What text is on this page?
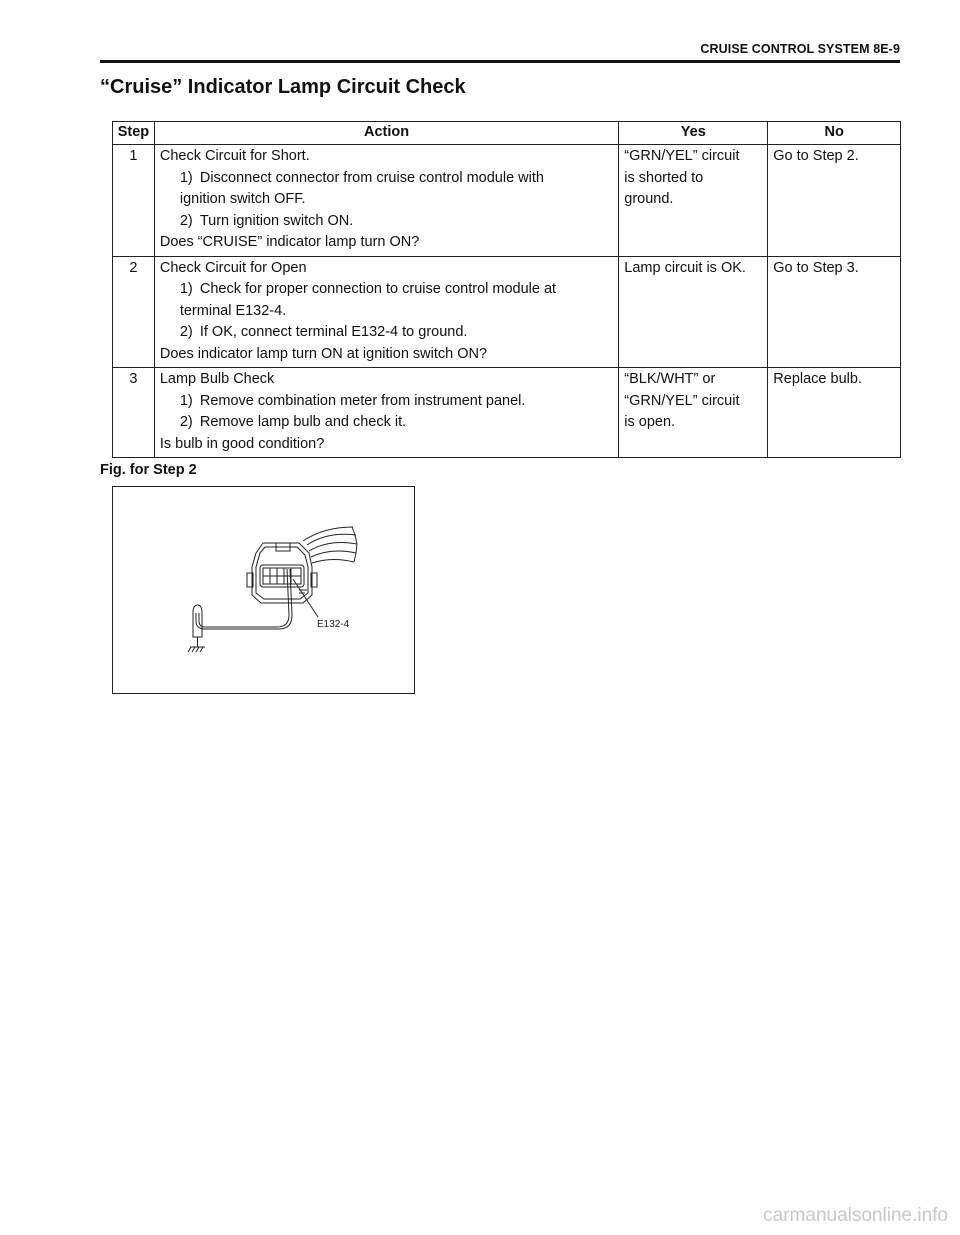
CRUISE CONTROL SYSTEM 8E-9
“Cruise” Indicator Lamp Circuit Check
Step	Action	Yes	No
1	Check Circuit for Short.
1) Disconnect connector from cruise control module with
ignition switch OFF.
2) Turn ignition switch ON.
Does “CRUISE” indicator lamp turn ON?	“GRN/YEL” circuit
is shorted to
ground.	Go to Step 2.

2	Check Circuit for Open
1) Check for proper connection to cruise control module at
terminal E132-4.
2) If OK, connect terminal E132-4 to ground.
Does indicator lamp turn ON at ignition switch ON?	Lamp circuit is OK.	Go to Step 3.

3	Lamp Bulb Check
1) Remove combination meter from instrument panel.
2) Remove lamp bulb and check it.
Is bulb in good condition?	“BLK/WHT” or
“GRN/YEL” circuit
is open.	Replace bulb.
Fig. for Step 2
E132-4
carmanualsonline.info
